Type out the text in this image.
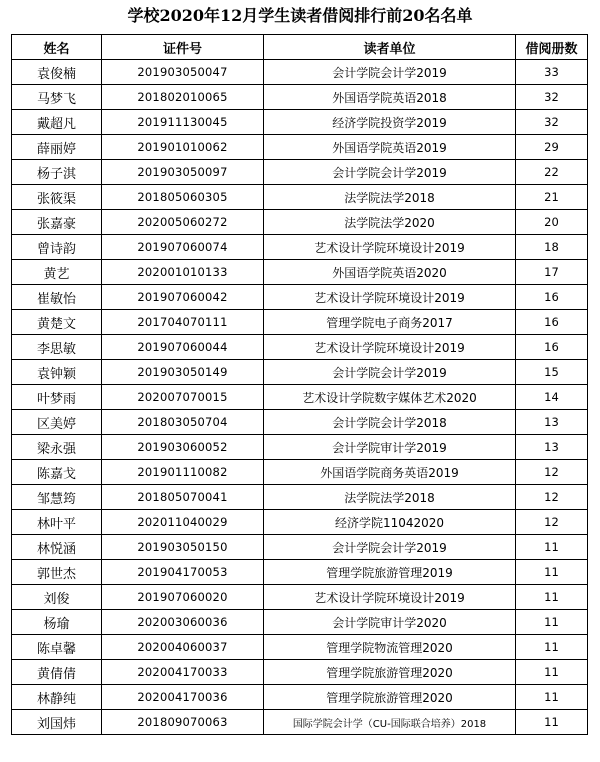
学校2020年12月学生读者借阅排行前20名名单
姓名	证件号	读者单位	借阅册数
袁俊楠	201903050047	会计学院会计学2019	33
马梦飞	201802010065	外国语学院英语2018	32
戴超凡	201911130045	经济学院投资学2019	32
薛丽婷	201901010062	外国语学院英语2019	29
杨子淇	201903050097	会计学院会计学2019	22
张筱渠	201805060305	法学院法学2018	21
张嘉豪	202005060272	法学院法学2020	20
曾诗韵	201907060074	艺术设计学院环境设计2019	18
黄艺	202001010133	外国语学院英语2020	17
崔敏怡	201907060042	艺术设计学院环境设计2019	16
黄楚文	201704070111	管理学院电子商务2017	16
李思敏	201907060044	艺术设计学院环境设计2019	16
袁钟颖	201903050149	会计学院会计学2019	15
叶梦雨	202007070015	艺术设计学院数字媒体艺术2020	14
区美婷	201803050704	会计学院会计学2018	13
梁永强	201903060052	会计学院审计学2019	13
陈嘉戈	201901110082	外国语学院商务英语2019	12
邹慧筠	201805070041	法学院法学2018	12
林叶平	202011040029	经济学院11042020	12
林悦涵	201903050150	会计学院会计学2019	11
郭世杰	201904170053	管理学院旅游管理2019	11
刘俊	201907060020	艺术设计学院环境设计2019	11
杨瑜	202003060036	会计学院审计学2020	11
陈卓馨	202004060037	管理学院物流管理2020	11
黄倩倩	202004170033	管理学院旅游管理2020	11
林静纯	202004170036	管理学院旅游管理2020	11
刘国炜	201809070063	国际学院会计学（CU-国际联合培养）2018	11
